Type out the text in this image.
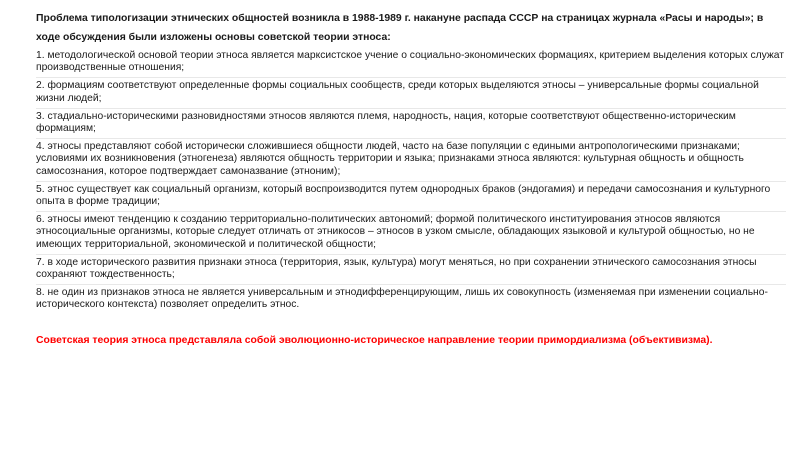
Проблема типологизации этнических общностей возникла в 1988-1989 г. накануне распада СССР на страницах журнала «Расы и народы»; в ходе обсуждения были изложены основы советской теории этноса:

1. методологической основой теории этноса является марксистское учение о социально-экономических формациях, критерием выделения которых служат производственные отношения;

2. формациям соответствуют определенные формы социальных сообществ, среди которых выделяются этносы – универсальные формы социальной жизни людей;

3. стадиально-историческими разновидностями этносов являются племя, народность, нация, которые соответствуют общественно-историческим формациям;

4. этносы представляют собой исторически сложившиеся общности людей, часто на базе популяции с едиными антропологическими признаками; условиями их возникновения (этногенеза) являются общность территории и языка; признаками этноса являются: культурная общность и общность самосознания, которое подтверждает самоназвание (этноним);

5. этнос существует как социальный организм, который воспроизводится путем однородных браков (эндогамия) и передачи самосознания и культурного опыта в форме традиции;

6. этносы имеют тенденцию к созданию территориально-политических автономий; формой политического институирования этносов являются этносоциальные организмы, которые следует отличать от этникосов – этносов в узком смысле, обладающих языковой и культурой общностью, но не имеющих территориальной, экономической и политической общности;

7. в ходе исторического развития признаки этноса (территория, язык, культура) могут меняться, но при сохранении этнического самосознания этносы сохраняют тождественность;

8. не один из признаков этноса не является универсальным и этнодифференцирующим, лишь их совокупность (изменяемая при изменении социально-исторического контекста) позволяет определить этнос.

Советская теория этноса представляла собой эволюционно-историческое направление теории примордиализма (объективизма).
